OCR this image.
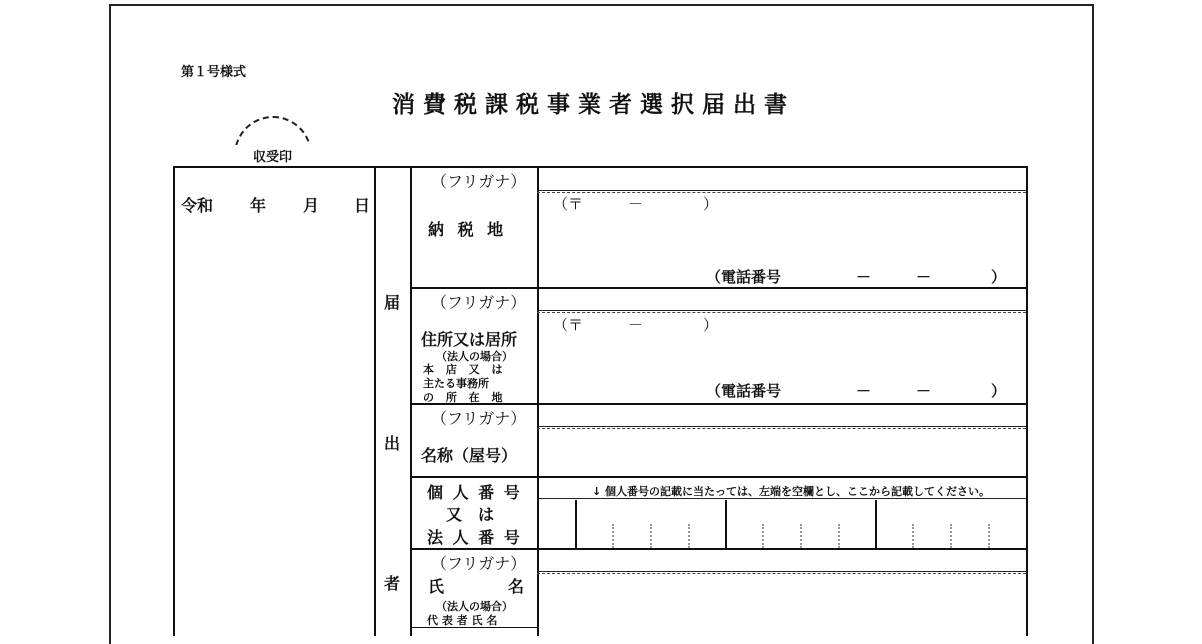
第１号様式
消費税課税事業者選択届出書
収受印
令和 年 月 日
届
出
者
（フリガナ）
納 税 地
（〒　　　－　　　　）
（電話番号　　　　　－　　　－　　　　）
（フリガナ）
住所又は居所
（法人の場合）
本 店 又 は
主たる事務所
の 所 在 地
（〒　　　－　　　　）
（電話番号　　　　　－　　　－　　　　）
（フリガナ）
名称（屋号）
個 人 番 号
又　は
法 人 番 号
↓ 個人番号の記載に当たっては、左端を空欄とし、ここから記載してください。
（フリガナ）
氏　　　　名
（法人の場合）
代 表 者 氏 名
